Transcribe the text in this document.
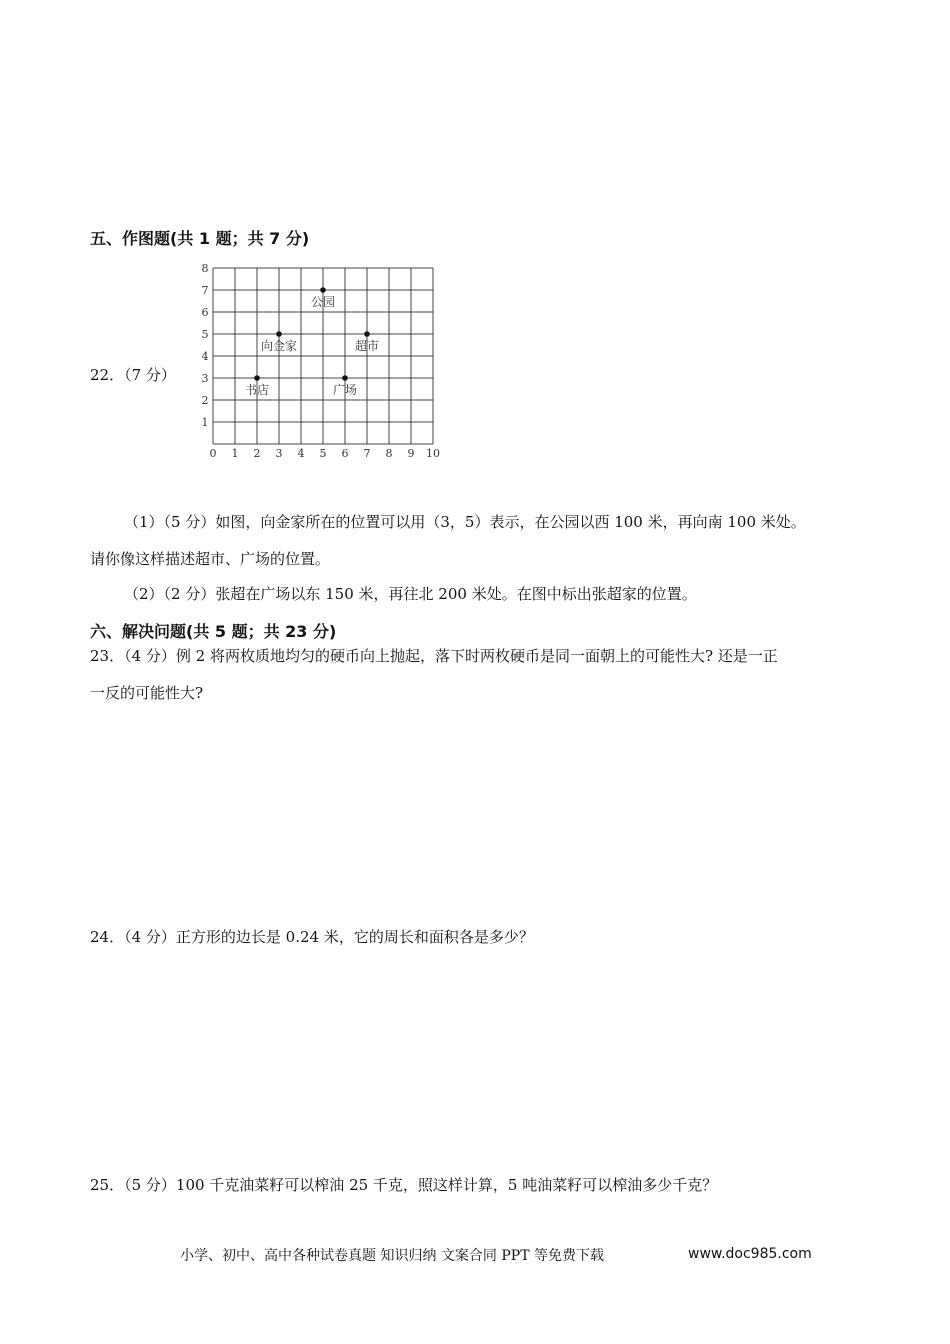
五、作图题(共 1 题；共 7 分)
22．（7 分）
0 1 2 3 4 5 6 7 8 9 10
1
2
3
4
5
6
7
8
公园
向金家	超市
书店	广场
（1）（5 分）如图，向金家所在的位置可以用（3，5）表示，在公园以西 100 米，再向南 100 米处。
请你像这样描述超市、广场的位置。
（2）（2 分）张超在广场以东 150 米，再往北 200 米处。在图中标出张超家的位置。
六、解决问题(共 5 题；共 23 分)
23．（4 分）例 2 将两枚质地均匀的硬币向上抛起，落下时两枚硬币是同一面朝上的可能性大? 还是一正
一反的可能性大?
24．（4 分）正方形的边长是 0.24 米，它的周长和面积各是多少？
25．（5 分）100 千克油菜籽可以榨油 25 千克，照这样计算，5 吨油菜籽可以榨油多少千克？
小学、初中、高中各种试卷真题 知识归纳 文案合同 PPT 等免费下载	www.doc985.com
